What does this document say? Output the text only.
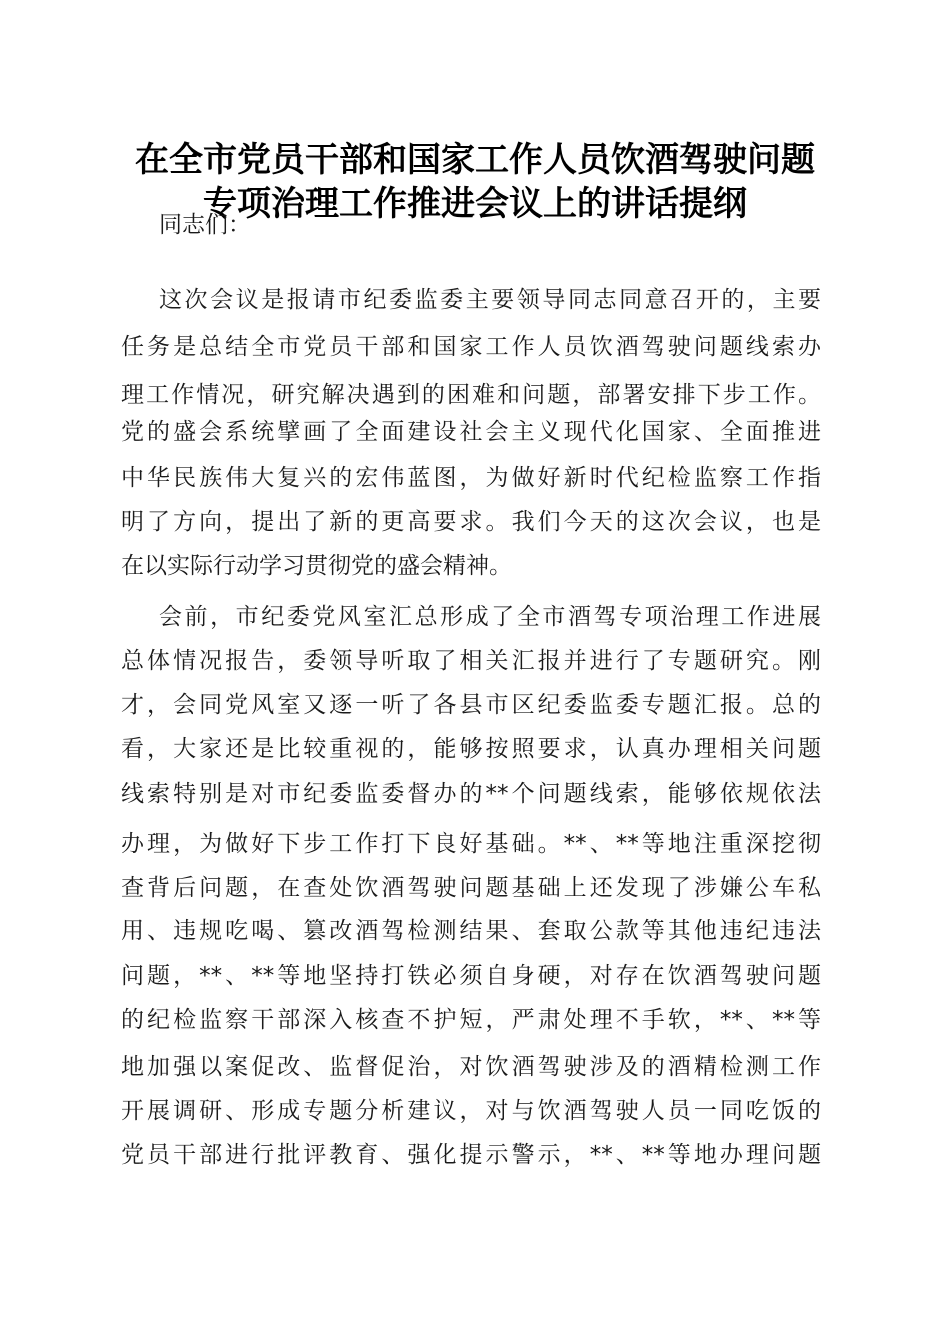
在全市党员干部和国家工作人员饮酒驾驶问题
专项治理工作推进会议上的讲话提纲
同志们：
这次会议是报请市纪委监委主要领导同志同意召开的，主要
任务是总结全市党员干部和国家工作人员饮酒驾驶问题线索办
理工作情况，研究解决遇到的困难和问题，部署安排下步工作。
党的盛会系统擘画了全面建设社会主义现代化国家、全面推进
中华民族伟大复兴的宏伟蓝图，为做好新时代纪检监察工作指
明了方向，提出了新的更高要求。我们今天的这次会议，也是
在以实际行动学习贯彻党的盛会精神。
会前，市纪委党风室汇总形成了全市酒驾专项治理工作进展
总体情况报告，委领导听取了相关汇报并进行了专题研究。刚
才，会同党风室又逐一听了各县市区纪委监委专题汇报。总的
看，大家还是比较重视的，能够按照要求，认真办理相关问题
线索特别是对市纪委监委督办的**个问题线索，能够依规依法
办理，为做好下步工作打下良好基础。**、**等地注重深挖彻
查背后问题，在查处饮酒驾驶问题基础上还发现了涉嫌公车私
用、违规吃喝、篡改酒驾检测结果、套取公款等其他违纪违法
问题，**、**等地坚持打铁必须自身硬，对存在饮酒驾驶问题
的纪检监察干部深入核查不护短，严肃处理不手软，**、**等
地加强以案促改、监督促治，对饮酒驾驶涉及的酒精检测工作
开展调研、形成专题分析建议，对与饮酒驾驶人员一同吃饭的
党员干部进行批评教育、强化提示警示，**、**等地办理问题
